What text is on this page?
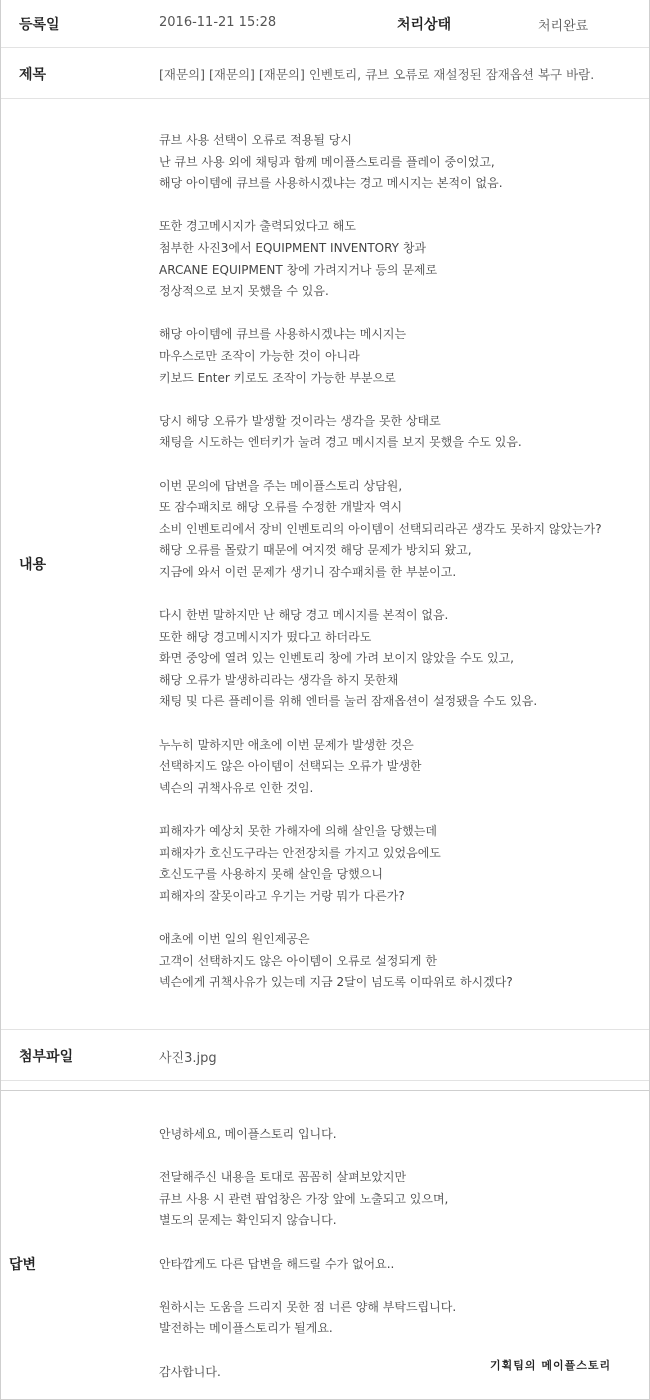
등록일	2016-11-21 15:28	처리상태	처리완료
제목	[재문의] [재문의] [재문의] 인벤토리, 큐브 오류로 재설정된 잠재옵션 복구 바람.
내용
큐브 사용 선택이 오류로 적용될 당시
난 큐브 사용 외에 채팅과 함께 메이플스토리를 플레이 중이었고,
해당 아이템에 큐브를 사용하시겠냐는 경고 메시지는 본적이 없음.
또한 경고메시지가 출력되었다고 해도
첨부한 사진3에서 EQUIPMENT INVENTORY 창과
ARCANE EQUIPMENT 창에 가려지거나 등의 문제로
정상적으로 보지 못했을 수 있음.
해당 아이템에 큐브를 사용하시겠냐는 메시지는
마우스로만 조작이 가능한 것이 아니라
키보드 Enter 키로도 조작이 가능한 부분으로
당시 해당 오류가 발생할 것이라는 생각을 못한 상태로
채팅을 시도하는 엔터키가 눌려 경고 메시지를 보지 못했을 수도 있음.
이번 문의에 답변을 주는 메이플스토리 상담원,
또 잠수패치로 해당 오류를 수정한 개발자 역시
소비 인벤토리에서 장비 인벤토리의 아이템이 선택되리라곤 생각도 못하지 않았는가?
해당 오류를 몰랐기 때문에 여지껏 해당 문제가 방치되 왔고,
지금에 와서 이런 문제가 생기니 잠수패치를 한 부분이고.
다시 한번 말하지만 난 해당 경고 메시지를 본적이 없음.
또한 해당 경고메시지가 떴다고 하더라도
화면 중앙에 열려 있는 인벤토리 창에 가려 보이지 않았을 수도 있고,
해당 오류가 발생하리라는 생각을 하지 못한채
채팅 및 다른 플레이를 위해 엔터를 눌러 잠재옵션이 설정됐을 수도 있음.
누누히 말하지만 애초에 이번 문제가 발생한 것은
선택하지도 않은 아이템이 선택되는 오류가 발생한
넥슨의 귀책사유로 인한 것임.
피해자가 예상치 못한 가해자에 의해 살인을 당했는데
피해자가 호신도구라는 안전장치를 가지고 있었음에도
호신도구를 사용하지 못해 살인을 당했으니
피해자의 잘못이라고 우기는 거랑 뭐가 다른가?
애초에 이번 일의 원인제공은
고객이 선택하지도 않은 아이템이 오류로 설정되게 한
넥슨에게 귀책사유가 있는데 지금 2달이 넘도록 이따위로 하시겠다?
첨부파일	사진3.jpg
답변
안녕하세요, 메이플스토리 입니다.
전달해주신 내용을 토대로 꼼꼼히 살펴보았지만
큐브 사용 시 관련 팝업창은 가장 앞에 노출되고 있으며,
별도의 문제는 확인되지 않습니다.
안타깝게도 다른 답변을 해드릴 수가 없어요..
원하시는 도움을 드리지 못한 점 너른 양해 부탁드립니다.
발전하는 메이플스토리가 될게요.
감사합니다.	기획팀의 메이플스토리
